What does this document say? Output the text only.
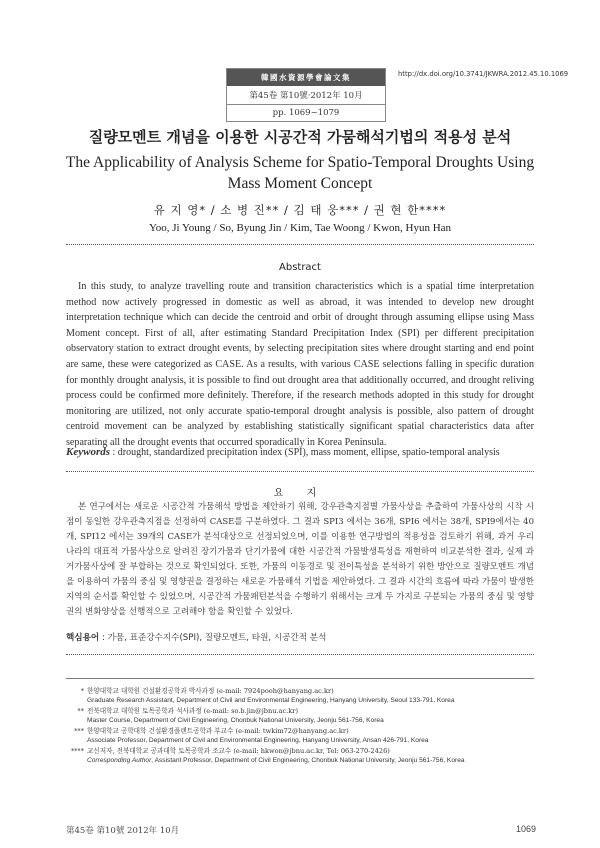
韓國水資源學會論文集
第45卷 第10號·2012年 10月
pp. 1069~1079
http://dx.doi.org/10.3741/JKWRA.2012.45.10.1069
질량모멘트 개념을 이용한 시공간적 가뭄해석기법의 적용성 분석
The Applicability of Analysis Scheme for Spatio-Temporal Droughts Using Mass Moment Concept
유 지 영* / 소 병 진** / 김 태 웅*** / 권 현 한****
Yoo, Ji Young / So, Byung Jin / Kim, Tae Woong / Kwon, Hyun Han
Abstract

In this study, to analyze travelling route and transition characteristics which is a spatial time interpretation method now actively progressed in domestic as well as abroad, it was intended to develop new drought interpretation technique which can decide the centroid and orbit of drought through assuming ellipse using Mass Moment concept. First of all, after estimating Standard Precipitation Index (SPI) per different precipitation observatory station to extract drought events, by selecting precipitation sites where drought starting and end point are same, these were categorized as CASE. As a results, with various CASE selections falling in specific duration for monthly drought analysis, it is possible to find out drought area that additionally occurred, and drought reliving process could be confirmed more definitely. Therefore, if the research methods adopted in this study for drought monitoring are utilized, not only accurate spatio-temporal drought analysis is possible, also pattern of drought centroid movement can be analyzed by establishing statistically significant spatial characteristics data after separating all the drought events that occurred sporadically in Korea Peninsula.

Keywords : drought, standardized precipitation index (SPI), mass moment, ellipse, spatio-temporal analysis
요 지

본 연구에서는 새로운 시공간적 가뭄해석 방법을 제안하기 위해, 강우관측지점별 가뭄사상을 추출하여 가뭄사상의 시작 시점이 동일한 강우관측지점을 선정하여 CASE를 구분하였다. 그 결과 SPI3 에서는 36개, SPI6 에서는 38개, SPI9에서는 40개, SPI12 에서는 39개의 CASE가 분석대상으로 선정되었으며, 이를 이용한 연구방법의 적용성을 검토하기 위해, 과거 우리나라의 대표적 가뭄사상으로 알려진 장기가뭄과 단기가뭄에 대한 시공간적 가뭄발생특성을 재현하여 비교분석한 결과, 실제 과거가뭄사상에 잘 부합하는 것으로 확인되었다. 또한, 가뭄의 이동경로 및 전이특성을 분석하기 위한 방안으로 질량모멘트 개념을 이용하여 가뭄의 중심 및 영향권을 결정하는 새로운 가뭄해석 기법을 제안하였다. 그 결과 시간의 흐름에 따라 가뭄이 발생한 지역의 순서를 확인할 수 있었으며, 시공간적 가뭄패턴분석을 수행하기 위해서는 크게 두 가지로 구분되는 가뭄의 중심 및 영향권의 변화양상을 선행적으로 고려해야 함을 확인할 수 있었다.

핵심용어 : 가뭄, 표준강수지수(SPI), 질량모멘트, 타원, 시공간적 분석
* 한양대학교 대학원 건설환경공학과 박사과정 (e-mail: 7924pooh@hanyang.ac.kr)
Graduate Research Assistant, Department of Civil and Environmental Engineering, Hanyang University, Seoul 133-791, Korea
** 전북대학교 대학원 토목공학과 석사과정 (e-mail: so.b.jin@jbnu.ac.kr)
Master Course, Department of Civil Engineering, Chonbuk National University, Jeonju 561-756, Korea
*** 한양대학교 공학대학 건설환경플랜트공학과 부교수 (e-mail: twkim72@hanyang.ac.kr)
Associate Professor, Department of Civil and Environmental Engineering, Hanyang University, Ansan 426-791, Korea
**** 교신저자, 전북대학교 공과대학 토목공학과 조교수 (e-mail: hkwon@jbnu.ac.kr, Tel: 063-270-2426)
Corresponding Author, Assistant Professor, Department of Civil Engineering, Chonbuk National University, Jeonju 561-756, Korea
第45卷 第10號 2012年 10月	1069
